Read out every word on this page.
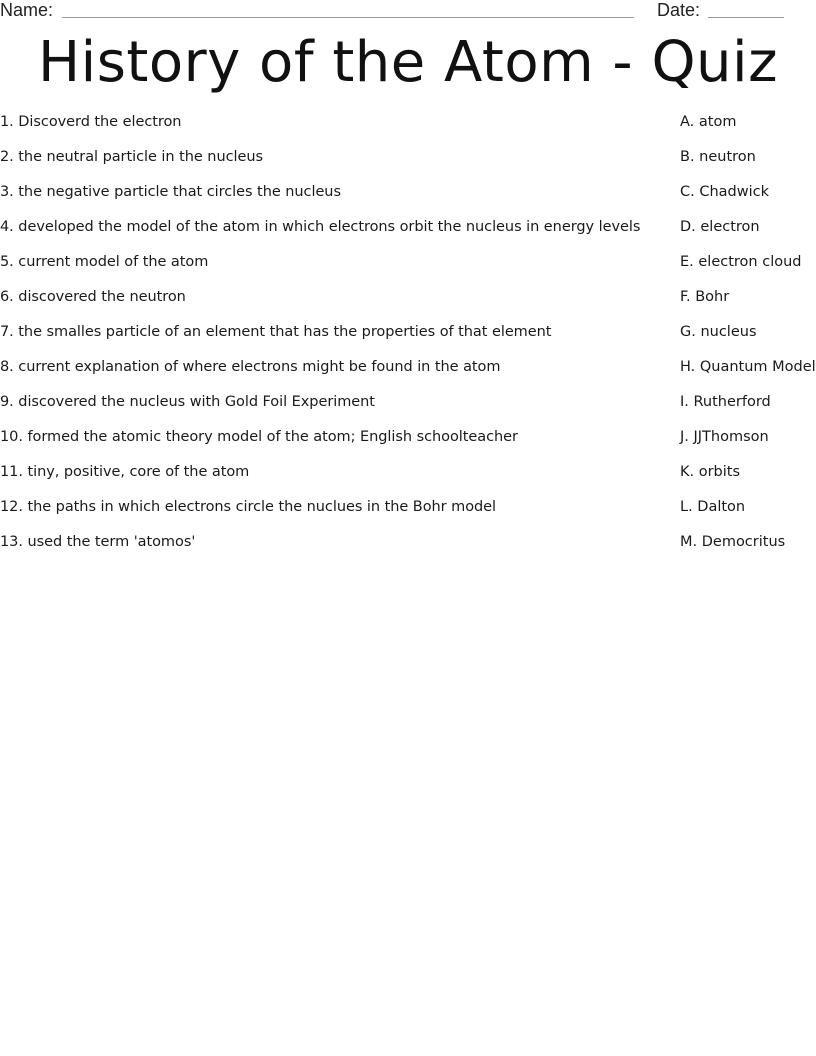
Name:	Date:
History of the Atom - Quiz
1. Discoverd the electron
2. the neutral particle in the nucleus
3. the negative particle that circles the nucleus
4. developed the model of the atom in which electrons orbit the nucleus in energy levels
5. current model of the atom
6. discovered the neutron
7. the smalles particle of an element that has the properties of that element
8. current explanation of where electrons might be found in the atom
9. discovered the nucleus with Gold Foil Experiment
10. formed the atomic theory model of the atom; English schoolteacher
11. tiny, positive, core of the atom
12. the paths in which electrons circle the nuclues in the Bohr model
13. used the term 'atomos'
A. atom
B. neutron
C. Chadwick
D. electron
E. electron cloud
F. Bohr
G. nucleus
H. Quantum Model
I. Rutherford
J. JJThomson
K. orbits
L. Dalton
M. Democritus
